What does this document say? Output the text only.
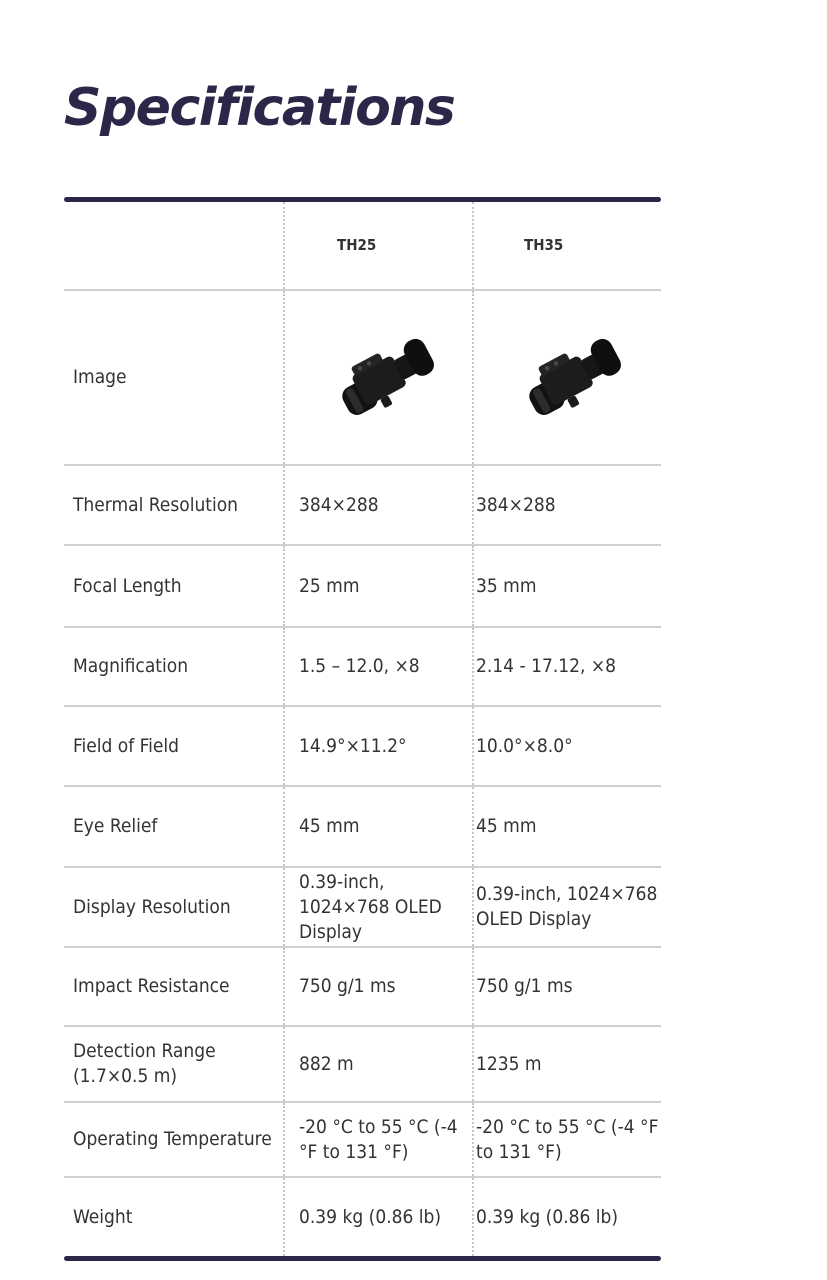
Specifications
	TH25	TH35
Image	

Thermal Resolution	384×288	384×288
Focal Length	25 mm	35 mm
Magnification	1.5 – 12.0, ×8	2.14 - 17.12, ×8
Field of Field	14.9°×11.2°	10.0°×8.0°
Eye Relief	45 mm	45 mm
Display Resolution	0.39-inch, 1024×768 OLED Display	0.39-inch, 1024×768 OLED Display
Impact Resistance	750 g/1 ms	750 g/1 ms
Detection Range (1.7×0.5 m)	882 m	1235 m
Operating Temperature	-20 °C to 55 °C (-4 °F to 131 °F)	-20 °C to 55 °C (-4 °F to 131 °F)
Weight	0.39 kg (0.86 lb)	0.39 kg (0.86 lb)
